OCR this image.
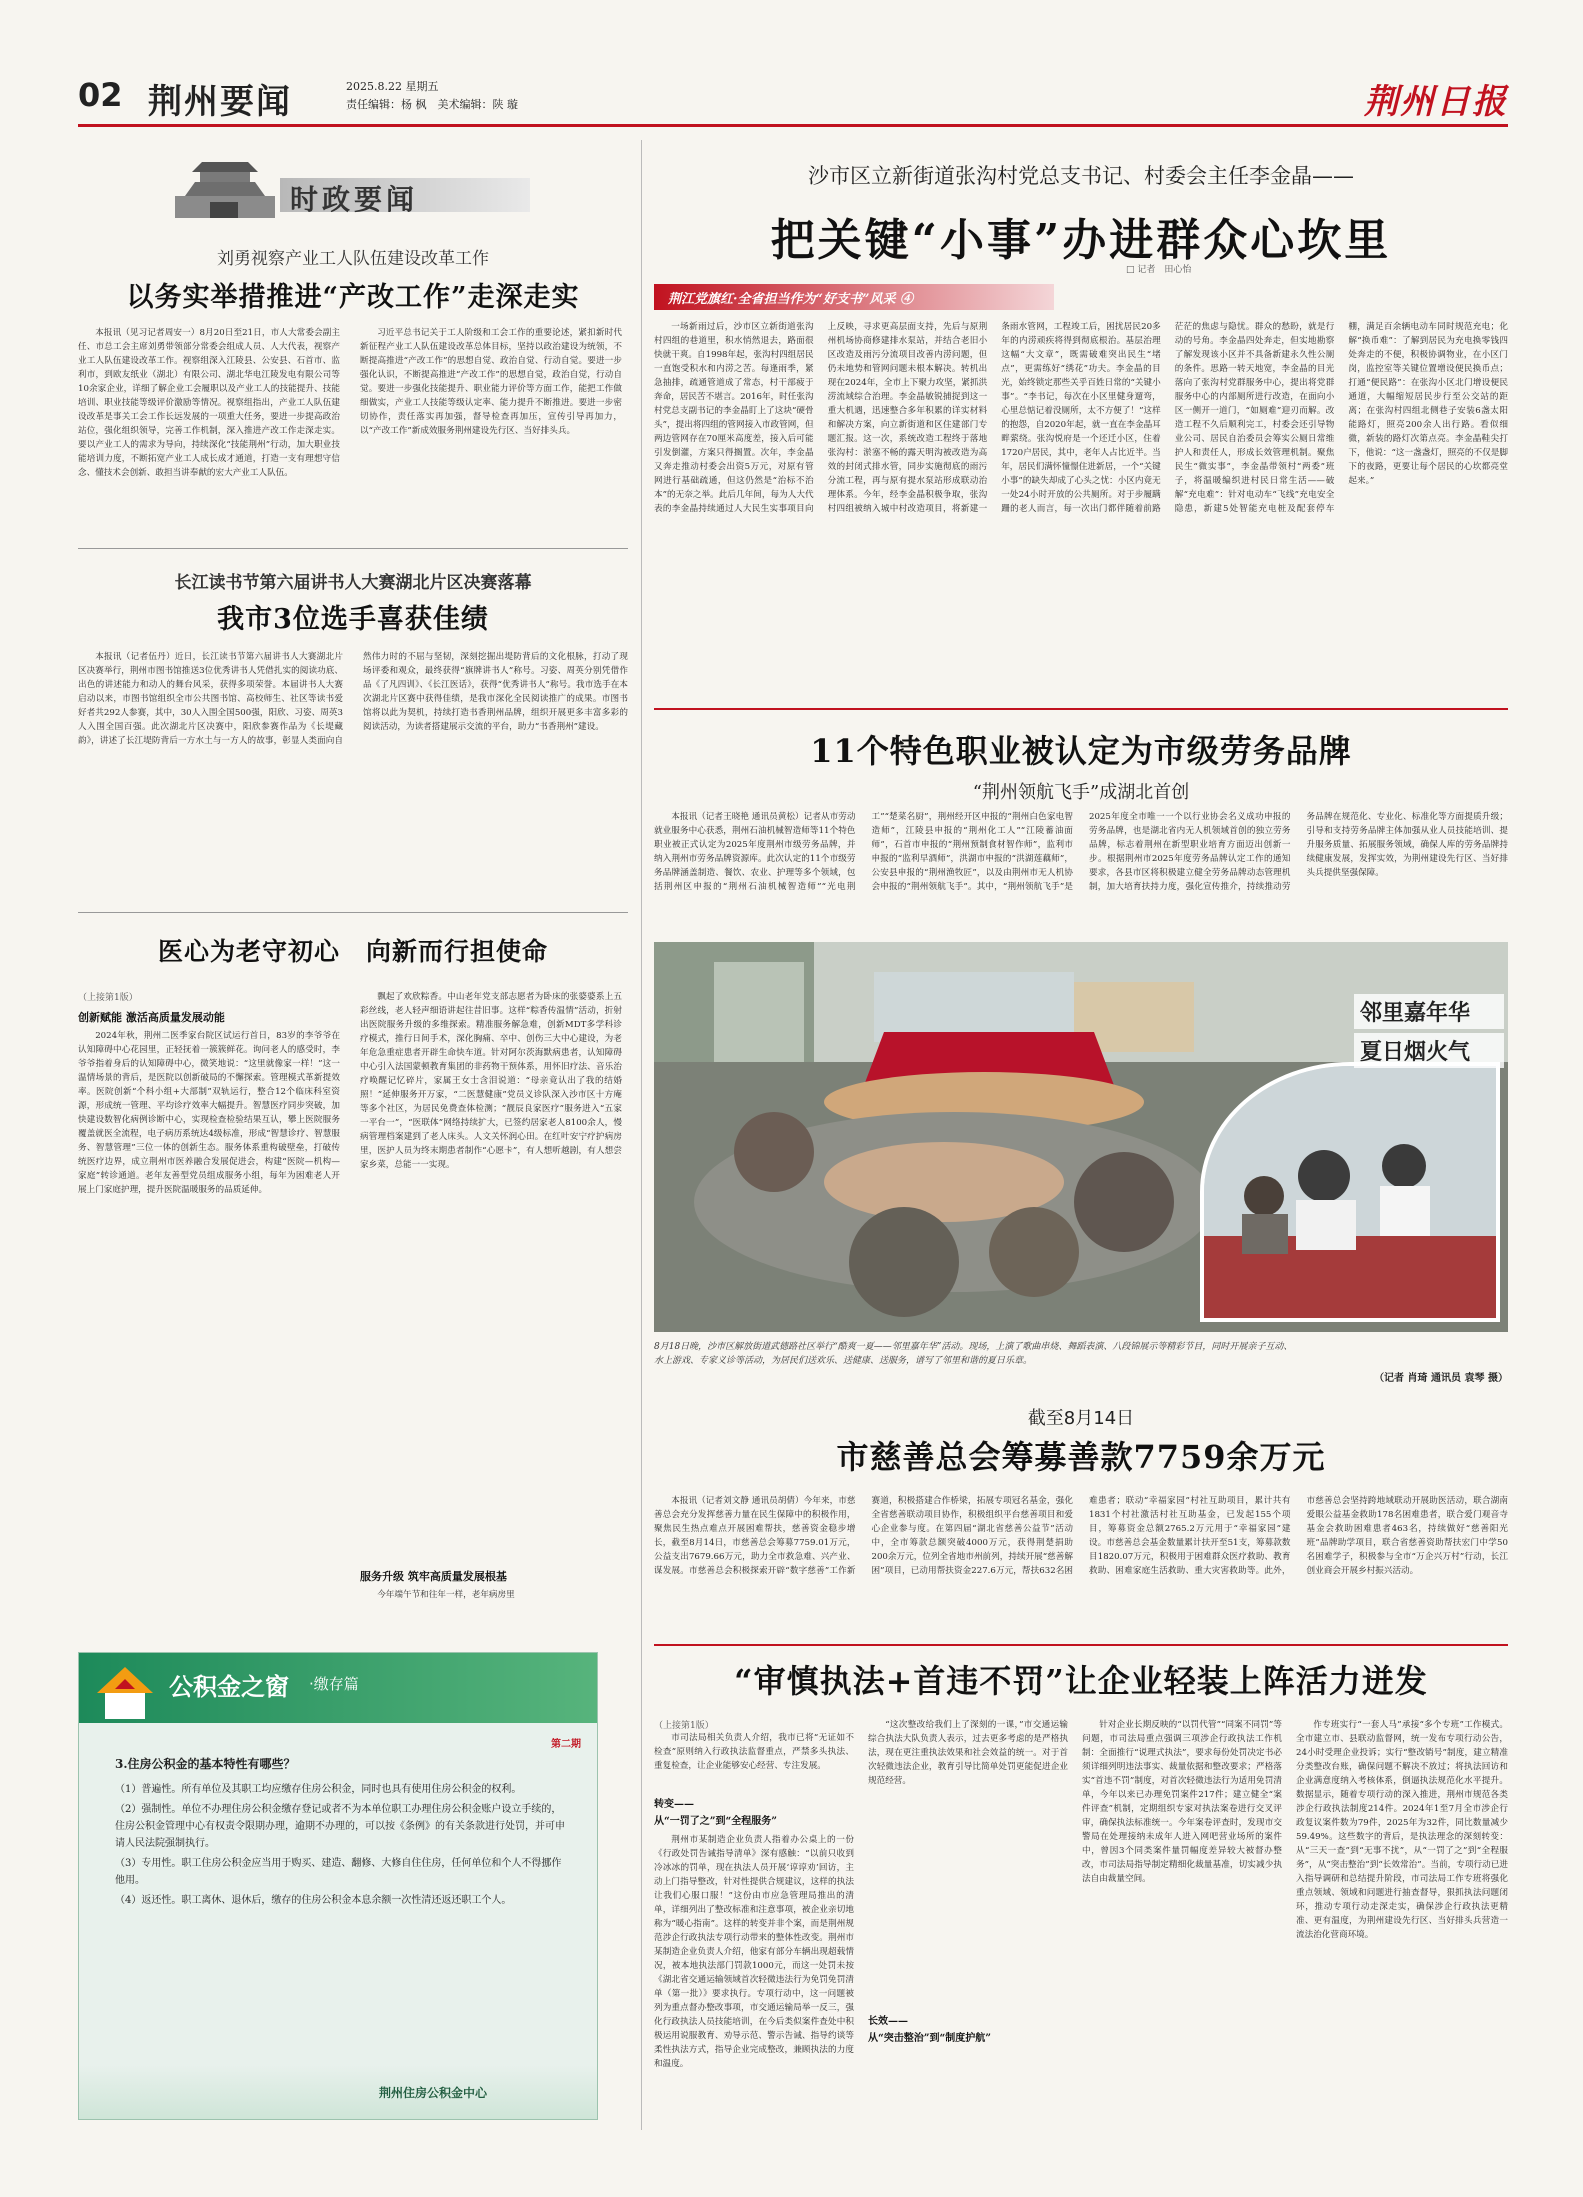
02 荆州要闻	2025.8.22 星期五
责任编辑：杨 枫　美术编辑：陕 璇	荆州日报
时政要闻
刘勇视察产业工人队伍建设改革工作
以务实举措推进“产改工作”走深走实
本报讯（见习记者周安一）8月20日至21日，市人大常委会副主任、市总工会主席刘勇带领部分常委会组成人员、人大代表，视察产业工人队伍建设改革工作。视察组深入江陵县、公安县、石首市、监利市，到欧友纸业（湖北）有限公司、湖北华电江陵发电有限公司等10余家企业，详细了解企业工会履职以及产业工人的技能提升、技能培训、职业技能等级评价激励等情况。视察组指出，产业工人队伍建设改革是事关工会工作长远发展的一项重大任务，要进一步提高政治站位，强化组织领导，完善工作机制，深入推进产改工作走深走实。要以产业工人的需求为导向，持续深化“技能荆州”行动，加大职业技能培训力度，不断拓宽产业工人成长成才通道，打造一支有理想守信念、懂技术会创新、敢担当讲奉献的宏大产业工人队伍。
习近平总书记关于工人阶级和工会工作的重要论述，紧扣新时代新征程产业工人队伍建设改革总体目标，坚持以政治建设为统领，不断提高推进“产改工作”的思想自觉、政治自觉、行动自觉。要进一步强化认识，不断提高推进“产改工作”的思想自觉，政治自觉，行动自觉。要进一步强化技能提升、职业能力评价等方面工作，能把工作做细做实，产业工人技能等级认定率、能力提升不断推进。要进一步密切协作，责任落实再加强，督导检查再加压，宣传引导再加力，以“产改工作”新成效服务荆州建设先行区、当好排头兵。
长江读书节第六届讲书人大赛湖北片区决赛落幕
我市3位选手喜获佳绩
本报讯（记者伍丹）近日，长江读书节第六届讲书人大赛湖北片区决赛举行，荆州市图书馆推送3位优秀讲书人凭借扎实的阅读功底、出色的讲述能力和动人的舞台风采，获得多项荣誉。本届讲书人大赛启动以来，市图书馆组织全市公共图书馆、高校师生、社区等读书爱好者共292人参赛，其中，30人入围全国500强，阳欣、习姿、周英3人入围全国百强。此次湖北片区决赛中，阳欣参赛作品为《长堤藏韵》，讲述了长江堤防背后一方水土与一方人的故事，彰显人类面向自然伟力时的不屈与坚韧，深刻挖掘出堤防背后的文化根脉，打动了现场评委和观众，最终获得“旗牌讲书人”称号。习姿、周英分别凭借作品《了凡四训》、《长江医话》，获得“优秀讲书人”称号。我市选手在本次湖北片区赛中获得佳绩，是我市深化全民阅读推广的成果。市图书馆将以此为契机，持续打造书香荆州品牌，组织开展更多丰富多彩的阅读活动，为读者搭建展示交流的平台，助力“书香荆州”建设。
医心为老守初心　向新而行担使命
（上接第1版）
创新赋能 激活高质量发展动能
2024年秋，荆州二医季家台院区试运行首日，83岁的李爷爷在认知障碍中心花园里，正轻抚着一簇簇鲜花。询问老人的感受时，李爷爷指着身后的认知障碍中心，微笑地说：“这里就像家一样！”这一温情场景的背后，是医院以创新破局的不懈探索。管理模式革新提效率。医院创新“个科小组+大部制”双轨运行，整合12个临床科室资源，形成统一管理、平均诊疗效率大幅提升。智慧医疗同步突破，加快建设数智化病例诊断中心，实现检查检验结果互认，攀上医院服务覆盖就医全流程，电子病历系统达4级标准，形成“智慧诊疗、智慧服务、智慧管理”三位一体的创新生态。服务体系重构破壁垒，打破传统医疗边界，成立荆州市医养融合发展促进会，构建“医院—机构—家庭”转诊通道。老年友善型党员组成服务小组，每年为困难老人开展上门家庭护理，提升医院温暖服务的品质延伸。
飘起了欢欣粽香。中山老年党支部志愿者为卧床的张婆婆系上五彩丝线，老人轻声细语讲起往昔旧事。这样“粽香传温情”活动，折射出医院服务升级的多维探索。精准服务解急难，创新MDT多学科诊疗模式，推行日间手术，深化胸痛、卒中、创伤三大中心建设，为老年危急重症患者开辟生命快车道。针对阿尔茨海默病患者，认知障碍中心引入法国蒙顿教育集团的非药物干预体系，用怀旧疗法、音乐治疗唤醒记忆碎片，家属王女士含泪说道：“母亲竟认出了我的结婚照！”延伸服务开万家，“二医慧健康”党员义诊队深入沙市区十方庵等多个社区，为居民免费查体检测；“靓辰良家医疗”服务进入“五家一平台一”，“医联体”网络持续扩大，已签约居家老人8100余人，慢病管理档案建到了老人床头。人文关怀润心田。在红叶安宁疗护病房里，医护人员为终末期患者制作“心愿卡”，有人想听越剧，有人想尝家乡菜，总能一一实现。
服务升级 筑牢高质量发展根基
今年端午节和往年一样，老年病房里
公积金之窗 ·缴存篇
第二期
3.住房公积金的基本特性有哪些？

（1）普遍性。所有单位及其职工均应缴存住房公积金，同时也具有使用住房公积金的权利。

（2）强制性。单位不办理住房公积金缴存登记或者不为本单位职工办理住房公积金账户设立手续的，住房公积金管理中心有权责令限期办理，逾期不办理的，可以按《条例》的有关条款进行处罚，并可申请人民法院强制执行。

（3）专用性。职工住房公积金应当用于购买、建造、翻修、大修自住住房，任何单位和个人不得挪作他用。

（4）返还性。职工离休、退休后，缴存的住房公积金本息余额一次性清还返还职工个人。

荆州住房公积金中心
沙市区立新街道张沟村党总支书记、村委会主任李金晶——
把关键“小事”办进群众心坎里
□ 记者　田心怡
荆江党旗红·全省担当作为“好支书”风采 ④
一场新雨过后，沙市区立新街道张沟村四组的巷道里，积水悄然退去，路面很快就干爽。自1998年起，张沟村四组居民一直饱受积水和内涝之苦。每逢雨季，紧急抽排，疏通管道成了常态，村干部疲于奔命，居民苦不堪言。2016年，时任张沟村党总支副书记的李金晶盯上了这块“硬骨头”，提出将四组的管网接入市政管网，但两边管网存在70厘米高度差，接入后可能引发倒灌，方案只得搁置。次年，李金晶又奔走推动村委会出资5万元，对原有管网进行基础疏通，但这仍然是“治标不治本”的无奈之举。此后几年间，每为人大代表的李金晶持续通过人大民生实事项目向上反映，寻求更高层面支持，先后与原荆州机场协商修建排水泵站，并结合老旧小区改造及雨污分流项目改善内涝问题，但仍未地势和管网问题未根本解决。转机出现在2024年，全市上下聚力攻坚，紧抓洪涝流域综合治理。李金晶敏锐捕捉到这一重大机遇，迅速整合多年积累的详实材料和解决方案，向立新街道和区住建部门专题汇报。这一次，系统改造工程终于落地张沟村：淤塞不畅的露天明沟被改造为高效的封闭式排水管，同步实施彻底的雨污分流工程，再与原有提水泵站形成联动治理体系。今年，经李金晶积极争取，张沟村四组被纳入城中村改造项目，将新建一条雨水管网，工程竣工后，困扰居民20多年的内涝顽疾将得到彻底根治。基层治理这幅“大文章”，既需破难突出民生“堵点”，更需练好“绣花”功夫。李金晶的目光，始终锁定那些关乎百姓日常的“关键小事”。“李书记，每次在小区里健身遛弯，心里总惦记着没厕所，太不方便了！”这样的抱怨，自2020年起，就一直在李金晶耳畔萦绕。张沟悦府是一个还迁小区，住着1720户居民，其中，老年人占比近半。当年，居民们满怀憧憬住进新居，一个“关键小事”的缺失却成了心头之忧：小区内竟无一处24小时开放的公共厕所。对于步履蹒跚的老人而言，每一次出门都伴随着前路茫茫的焦虑与隐忧。群众的愁盼，就是行动的号角。李金晶四处奔走，但实地勘察了解发现该小区并不具备新建永久性公厕的条件。思路一转天地宽，李金晶的目光落向了张沟村党群服务中心，提出将党群服务中心的内部厕所进行改造，在面向小区一侧开一道门，“如厕难”迎刃而解。改造工程不久后顺利完工，村委会还引导物业公司、居民自治委员会筹实公厕日常维护人和责任人，形成长效管理机制。聚焦民生“微实事”，李金晶带领村“两委”班子，将温暖编织进村民日常生活——破解“充电难”：针对电动车“飞线”充电安全隐患，新建5处智能充电桩及配套停车棚，满足百余辆电动车同时规范充电；化解“换币难”：了解到居民为充电换零钱四处奔走的不便，积极协调物业，在小区门岗，监控室等关键位置增设便民换币点；打通“便民路”：在张沟小区北门增设便民通道，大幅缩短居民步行至公交站的距离；在张沟村四组北侧巷子安装6盏太阳能路灯，照亮200余人出行路。看似细微，新装的路灯次第点亮。李金晶鞋尖打下，他说：“这一盏盏灯，照亮的不仅是脚下的夜路，更要让每个居民的心坎都亮堂起来。”
11个特色职业被认定为市级劳务品牌
“荆州领航飞手”成湖北首创
本报讯（记者王晓艳 通讯员黄松）记者从市劳动就业服务中心获悉，荆州石油机械智造师等11个特色职业被正式认定为2025年度荆州市级劳务品牌，并纳入荆州市劳务品牌资源库。此次认定的11个市级劳务品牌涵盖制造、餐饮、农业、护理等多个领域，包括荆州区申报的“荆州石油机械智造师”“光电荆工”“楚菜名厨”，荆州经开区申报的“荆州白色家电智造师”，江陵县申报的“荆州化工人”“江陵蓄油面师”，石首市申报的“荆州预制食材智作师”，监利市申报的“监利早酒师”，洪湖市申报的“洪湖莲藕师”，公安县申报的“荆州渔牧匠”，以及由荆州市无人机协会申报的“荆州领航飞手”。其中，“荆州领航飞手”是2025年度全市唯一一个以行业协会名义成功申报的劳务品牌，也是湖北省内无人机领域首创的独立劳务品牌，标志着荆州在新型职业培育方面迈出创新一步。根据荆州市2025年度劳务品牌认定工作的通知要求，各县市区将积极建立健全劳务品牌动态管理机制，加大培育扶持力度，强化宣传推介，持续推动劳务品牌在规范化、专业化、标准化等方面提质升级；引导和支持劳务品牌主体加强从业人员技能培训、提升服务质量、拓展服务领域，确保人库的劳务品牌持续健康发展，发挥实效，为荆州建设先行区、当好排头兵提供坚强保障。
邻里嘉年华
夏日烟火气
8月18日晚，沙市区解放街道武德路社区举行“酷爽一夏——邻里嘉年华”活动。现场，上演了歌曲串烧、舞蹈表演、八段锦展示等精彩节目，同时开展亲子互动、水上游戏、专家义诊等活动，为居民们送欢乐、送健康、送服务，谱写了邻里和谐的夏日乐章。
（记者 肖琦 通讯员 袁琴 摄）
截至8月14日
市慈善总会筹募善款7759余万元
本报讯（记者刘文静 通讯员胡倩）今年来，市慈善总会充分发挥慈善力量在民生保障中的积极作用，聚焦民生热点难点开展困难帮扶，慈善资金稳步增长，截至8月14日，市慈善总会筹募7759.01万元，公益支出7679.66万元，助力全市救急难、兴产业、谋发展。市慈善总会积极探索开辟“数字慈善”工作新赛道，积极搭建合作桥梁，拓展专项冠名基金，强化全省慈善联动项目协作，积极组织平台慈善项目和爱心企业参与度。在第四届“湖北省慈善公益节”活动中，全市筹款总额突破4000万元，获得荆楚捐助200余万元，位列全省地市州前列，持续开展“慈善解困”项目，已动用帮扶资金227.6万元，帮扶632名困难患者；联动“幸福家园”村社互助项目，累计共有1831个村社激活村社互助基金，已发起155个项目，筹募资金总额2765.2万元用于“幸福家园”建设。市慈善总会基金数量累计扶开至51支，筹募款数目1820.07万元，积极用于困难群众医疗救助、教育救助、困难家庭生活救助、重大灾害救助等。此外，市慈善总会坚持跨地域联动开展助医活动，联合湖南爱眼公益基金救助178名困难患者，联合爱门观音寺基金会救助困难患者463名，持续做好“慈善阳光班”品牌助学项目，联合省慈善资助帮扶宏门中学50名困难学子，积极参与全市“万企兴万村”行动，长江创业商会开展乡村振兴活动。
“审慎执法+首违不罚”让企业轻装上阵活力迸发
（上接第1版）
市司法局相关负责人介绍，我市已将“无证如不检查”原则纳入行政执法监督重点，严禁多头执法、重复检查，让企业能够安心经营、专注发展。
转变——
从“一罚了之”到“全程服务”
荆州市某制造企业负责人指着办公桌上的一份《行政处罚告诫指导清单》深有感触：“以前只收到冷冰冰的罚单，现在执法人员开展‘谆谆劝’回访，主动上门指导整改，针对性提供合规建议，这样的执法让我们心服口服！”这份由市应急管理局推出的清单，详细列出了整改标准和注意事项，被企业亲切地称为“暖心指南”。这样的转变并非个案，而是荆州规范涉企行政执法专项行动带来的整体性改变。荆州市某制造企业负责人介绍，他家有部分车辆出现超载情况，被本地执法部门罚款1000元，而这一处罚未按《湖北省交通运输领域首次轻微违法行为免罚免罚清单（第一批）》要求执行。专项行动中，这一问题被列为重点督办整改事项，市交通运输局举一反三，强化行政执法人员技能培训，在今后类似案件查处中积极运用说服教育、劝导示范、警示告诫、指导约谈等柔性执法方式，指导企业完成整改，兼顾执法的力度和温度。
“这次整改给我们上了深刻的一课，”市交通运输综合执法大队负责人表示，过去更多考虑的是严格执法，现在更注重执法效果和社会效益的统一。对于首次轻微违法企业，教育引导比简单处罚更能促进企业规范经营。
长效——
从“突击整治”到“制度护航”
针对企业长期反映的“以罚代管”“同案不同罚”等问题，市司法局重点强调三项涉企行政执法工作机制：全面推行“说理式执法”，要求每份处罚决定书必须详细列明违法事实、裁量依据和整改要求；严格落实“首违不罚”制度，对首次轻微违法行为适用免罚清单，今年以来已办理免罚案件217件；建立健全“案件评查”机制，定期组织专家对执法案卷进行交叉评审，确保执法标准统一。今年案卷评查时，发现市交警局在处理接纳未成年人进入网吧营业场所的案件中，曾因3个同类案件量罚幅度差异较大被督办整改，市司法局指导制定精细化裁量基准，切实减少执法自由裁量空间。
作专班实行“一套人马”承接“多个专班”工作模式。全市建立市、县联动监督网，统一发布专项行动公告，24小时受理企业投诉；实行“整改销号”制度，建立精准分类整改台账，确保问题不解决不放过；将执法回访和企业满意度纳入考核体系，倒逼执法规范化水平提升。数据显示，随着专项行动的深入推进，荆州市规范各类涉企行政执法制度214件。2024年1至7月全市涉企行政复议案件数为79件，2025年为32件，同比数量减少59.49%。这些数字的背后，是执法理念的深刻转变：从“三天一查”到“无事不扰”，从“一罚了之”到“全程服务”，从“突击整治”到“长效常治”。当前，专项行动已进入指导调研和总结提升阶段，市司法局工作专班将强化重点领域、领域和问题进行抽查督导，狠抓执法问题闭环，推动专项行动走深走实，确保涉企行政执法更精准、更有温度，为荆州建设先行区、当好排头兵营造一流法治化营商环境。
